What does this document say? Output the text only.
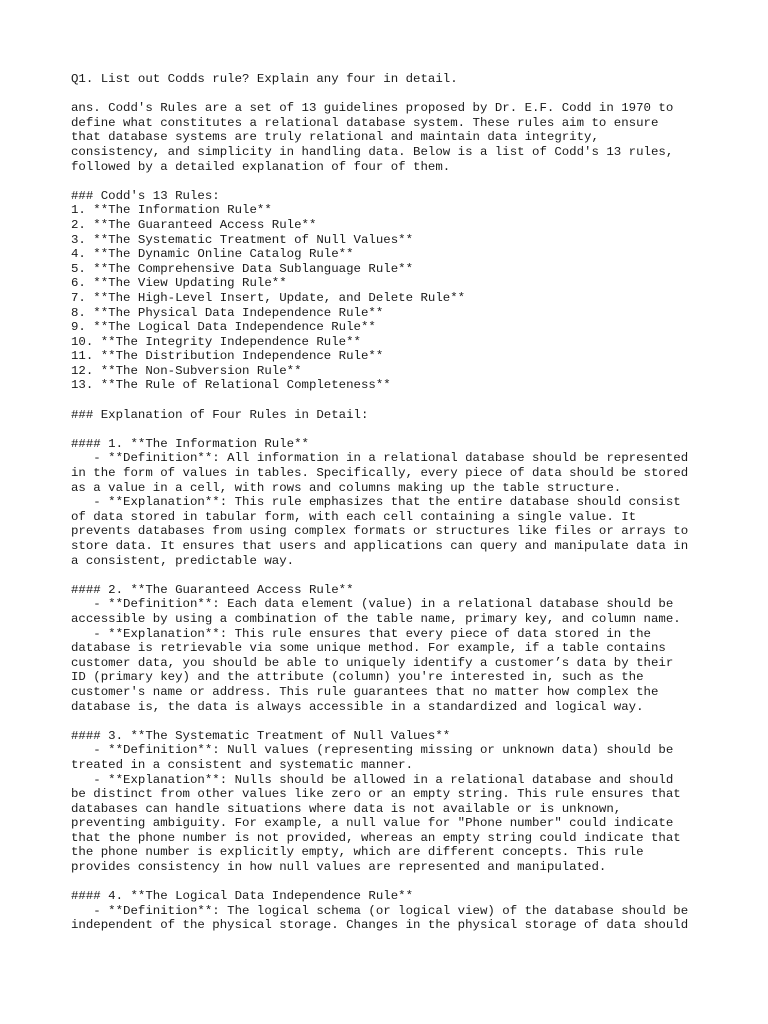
Q1. List out Codds rule? Explain any four in detail.
ans. Codd's Rules are a set of 13 guidelines proposed by Dr. E.F. Codd in 1970 to
define what constitutes a relational database system. These rules aim to ensure
that database systems are truly relational and maintain data integrity,
consistency, and simplicity in handling data. Below is a list of Codd's 13 rules,
followed by a detailed explanation of four of them.
### Codd's 13 Rules:
1. **The Information Rule**
2. **The Guaranteed Access Rule**
3. **The Systematic Treatment of Null Values**
4. **The Dynamic Online Catalog Rule**
5. **The Comprehensive Data Sublanguage Rule**
6. **The View Updating Rule**
7. **The High-Level Insert, Update, and Delete Rule**
8. **The Physical Data Independence Rule**
9. **The Logical Data Independence Rule**
10. **The Integrity Independence Rule**
11. **The Distribution Independence Rule**
12. **The Non-Subversion Rule**
13. **The Rule of Relational Completeness**
### Explanation of Four Rules in Detail:
#### 1. **The Information Rule**
- **Definition**: All information in a relational database should be represented
in the form of values in tables. Specifically, every piece of data should be stored
as a value in a cell, with rows and columns making up the table structure.
- **Explanation**: This rule emphasizes that the entire database should consist
of data stored in tabular form, with each cell containing a single value. It
prevents databases from using complex formats or structures like files or arrays to
store data. It ensures that users and applications can query and manipulate data in
a consistent, predictable way.
#### 2. **The Guaranteed Access Rule**
- **Definition**: Each data element (value) in a relational database should be
accessible by using a combination of the table name, primary key, and column name.
- **Explanation**: This rule ensures that every piece of data stored in the
database is retrievable via some unique method. For example, if a table contains
customer data, you should be able to uniquely identify a customer’s data by their
ID (primary key) and the attribute (column) you're interested in, such as the
customer's name or address. This rule guarantees that no matter how complex the
database is, the data is always accessible in a standardized and logical way.
#### 3. **The Systematic Treatment of Null Values**
- **Definition**: Null values (representing missing or unknown data) should be
treated in a consistent and systematic manner.
- **Explanation**: Nulls should be allowed in a relational database and should
be distinct from other values like zero or an empty string. This rule ensures that
databases can handle situations where data is not available or is unknown,
preventing ambiguity. For example, a null value for "Phone number" could indicate
that the phone number is not provided, whereas an empty string could indicate that
the phone number is explicitly empty, which are different concepts. This rule
provides consistency in how null values are represented and manipulated.
#### 4. **The Logical Data Independence Rule**
- **Definition**: The logical schema (or logical view) of the database should be
independent of the physical storage. Changes in the physical storage of data should
